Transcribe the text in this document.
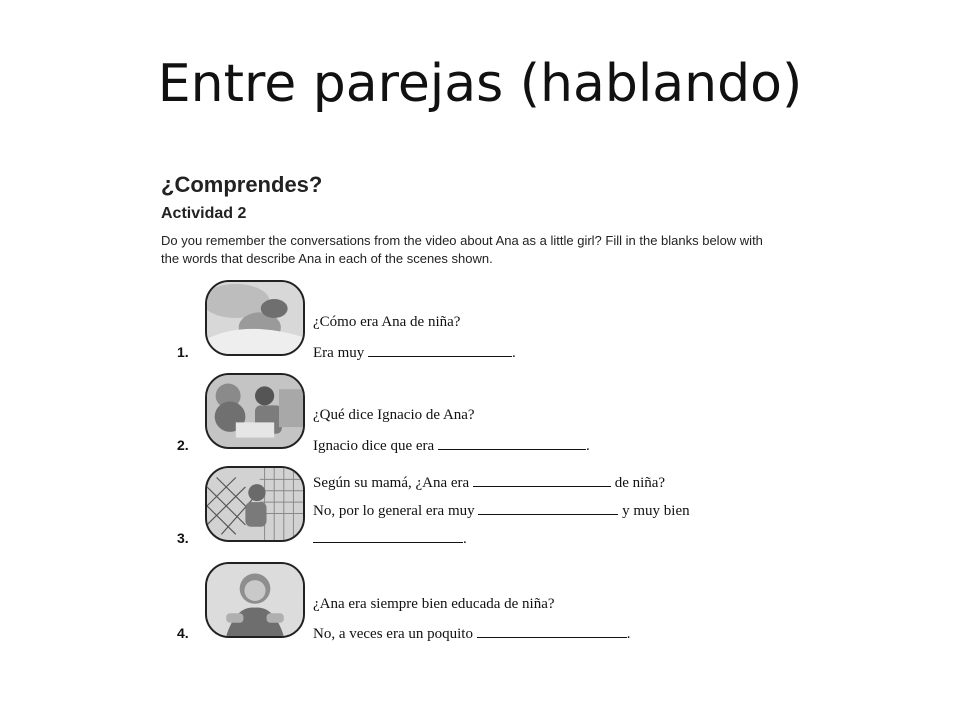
Entre parejas (hablando)
¿Comprendes?
Actividad 2
Do you remember the conversations from the video about Ana as a little girl? Fill in the blanks below with the words that describe Ana in each of the scenes shown.
¿Cómo era Ana de niña?
1.	Era muy	.
¿Qué dice Ignacio de Ana?
2.	Ignacio dice que era	.
Según su mamá, ¿Ana era	de niña?
No, por lo general era muy	y muy bien
3.	.
¿Ana era siempre bien educada de niña?
4.	No, a veces era un poquito	.
